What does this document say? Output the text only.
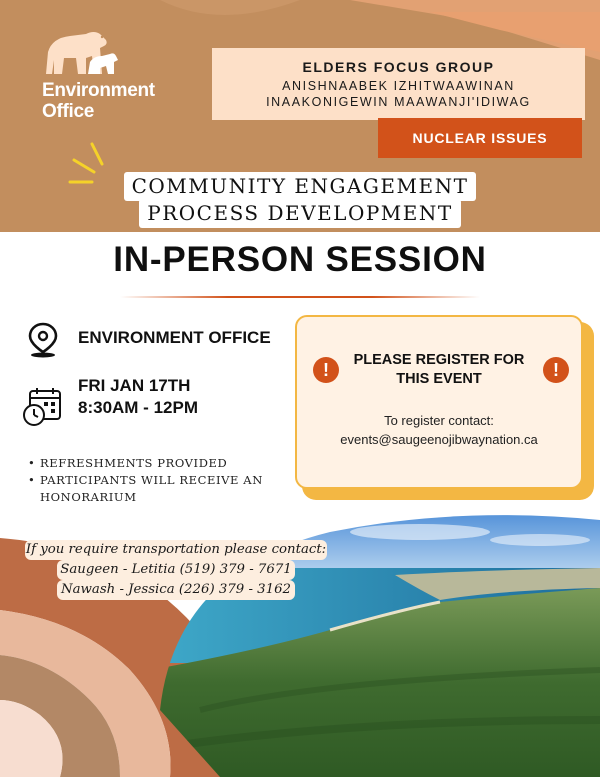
Environment
Office
ELDERS FOCUS GROUP
ANISHNAABEK IZHITWAAWINAN
INAAKONIGEWIN MAAWANJI'IDIWAG
NUCLEAR ISSUES
COMMUNITY ENGAGEMENT
PROCESS DEVELOPMENT
IN-PERSON SESSION
ENVIRONMENT OFFICE
FRI JAN 17TH
8:30AM - 12PM
• REFRESHMENTS PROVIDED
• PARTICIPANTS WILL RECEIVE AN HONORARIUM
!	PLEASE REGISTER FOR THIS EVENT	!
To register contact:
events@saugeenojibwaynation.ca
If you require transportation please contact:
Saugeen - Letitia (519) 379 - 7671
Nawash - Jessica (226) 379 - 3162
